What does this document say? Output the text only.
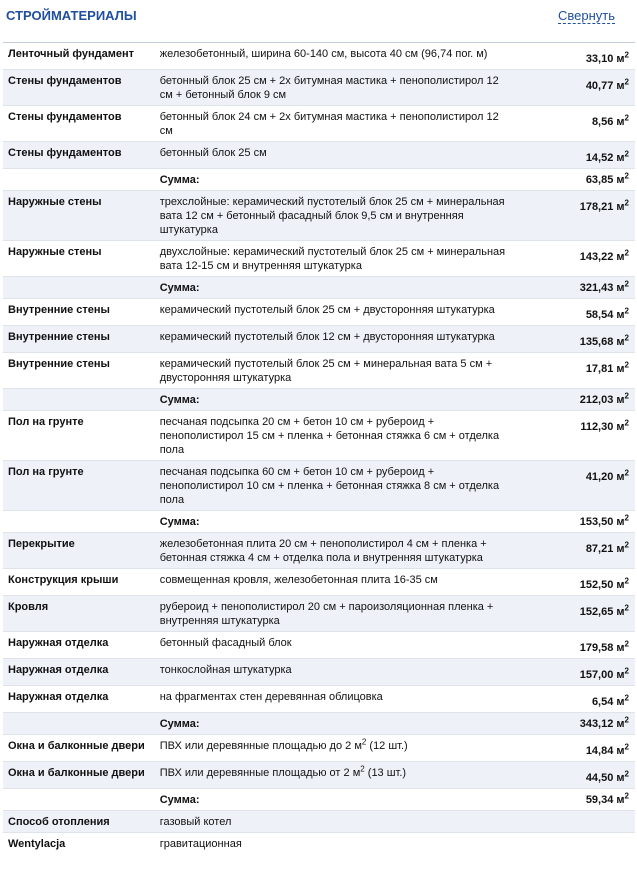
СТРОЙМАТЕРИАЛЫ	Свернуть
Ленточный фундамент	железобетонный, ширина 60-140 см, высота 40 см (96,74 пог. м)	33,10 $м^2$
Стены фундаментов	бетонный блок 25 см + 2x битумная мастика + пенополистирол 12 см + бетонный блок 9 см	40,77 $м^2$
Стены фундаментов	бетонный блок 24 см + 2x битумная мастика + пенополистирол 12 см	8,56 $м^2$
Стены фундаментов	бетонный блок 25 см	14,52 $м^2$
	Сумма:	63,85 $м^2$
Наружные стены	трехслойные: керамический пустотелый блок 25 см + минеральная вата 12 см + бетонный фасадный блок 9,5 см и внутренняя штукатурка	178,21 $м^2$
Наружные стены	двухслойные: керамический пустотелый блок 25 см + минеральная вата 12-15 см и внутренняя штукатурка	143,22 $м^2$
	Сумма:	321,43 $м^2$
Внутренние стены	керамический пустотелый блок 25 см + двусторонняя штукатурка	58,54 $м^2$
Внутренние стены	керамический пустотелый блок 12 см + двусторонняя штукатурка	135,68 $м^2$
Внутренние стены	керамический пустотелый блок 25 см + минеральная вата 5 см + двусторонняя штукатурка	17,81 $м^2$
	Сумма:	212,03 $м^2$
Пол на грунте	песчаная подсыпка 20 см + бетон 10 см + рубероид + пенополистирол 15 см + пленка + бетонная стяжка 6 см + отделка пола	112,30 $м^2$
Пол на грунте	песчаная подсыпка 60 см + бетон 10 см + рубероид + пенополистирол 10 см + пленка + бетонная стяжка 8 см + отделка пола	41,20 $м^2$
	Сумма:	153,50 $м^2$
Перекрытие	железобетонная плита 20 см + пенополистирол 4 см + пленка + бетонная стяжка 4 см + отделка пола и внутренняя штукатурка	87,21 $м^2$
Конструкция крыши	совмещенная кровля, железобетонная плита 16-35 см	152,50 $м^2$
Кровля	рубероид + пенополистирол 20 см + пароизоляционная пленка + внутренняя штукатурка	152,65 $м^2$
Наружная отделка	бетонный фасадный блок	179,58 $м^2$
Наружная отделка	тонкослойная штукатурка	157,00 $м^2$
Наружная отделка	на фрагментах стен деревянная облицовка	6,54 $м^2$
	Сумма:	343,12 $м^2$
Окна и балконные двери	ПВХ или деревянные площадью до 2 $м^2$ (12 шт.)	14,84 $м^2$
Окна и балконные двери	ПВХ или деревянные площадью от 2 $м^2$ (13 шт.)	44,50 $м^2$
	Сумма:	59,34 $м^2$
Способ отопления	газовый котел	
Wentylacja	гравитационная	
